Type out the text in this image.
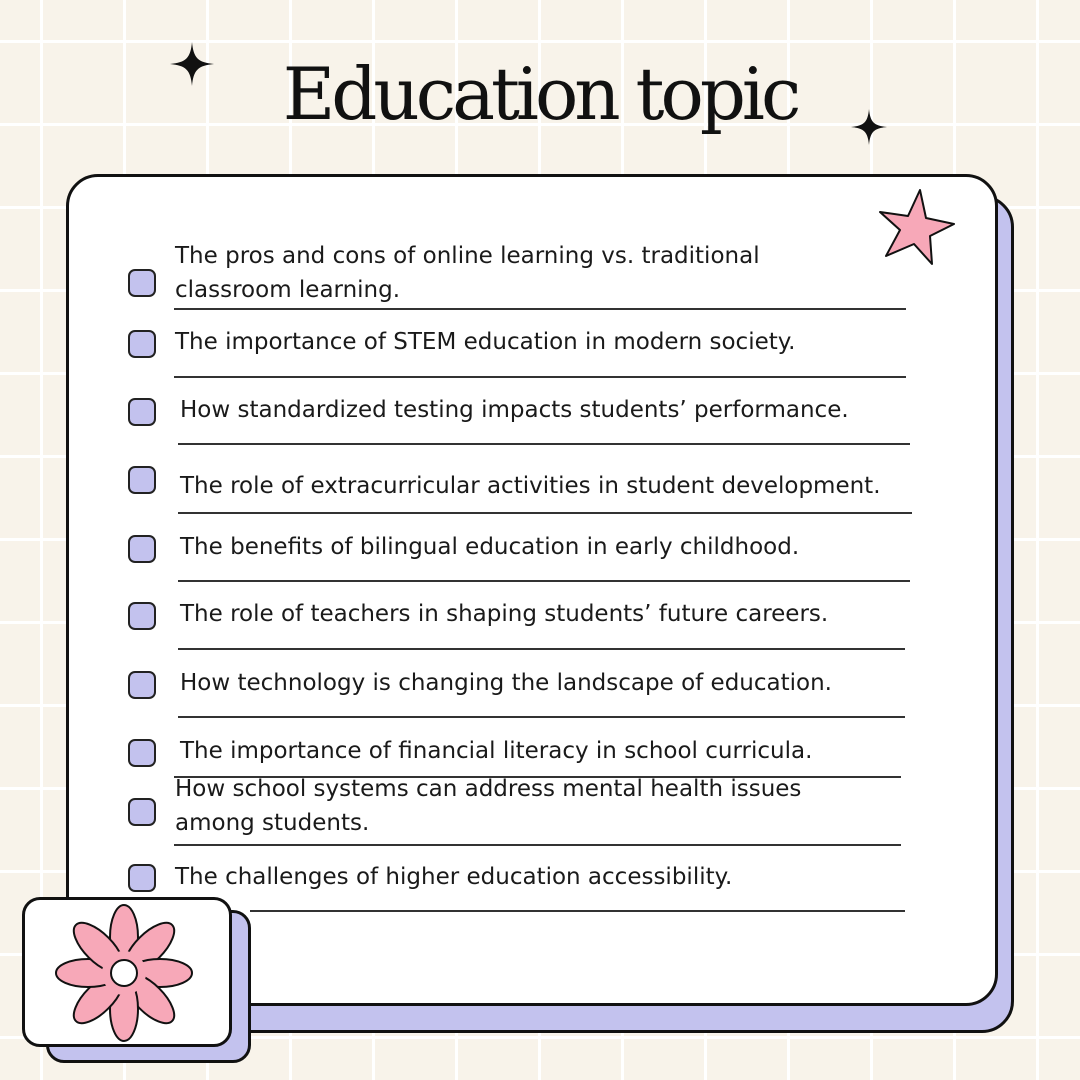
Education topic
The pros and cons of online learning vs. traditional
classroom learning.
The importance of STEM education in modern society.
How standardized testing impacts students’ performance.
The role of extracurricular activities in student development.
The benefits of bilingual education in early childhood.
The role of teachers in shaping students’ future careers.
How technology is changing the landscape of education.
The importance of financial literacy in school curricula.
How school systems can address mental health issues
among students.
The challenges of higher education accessibility.
